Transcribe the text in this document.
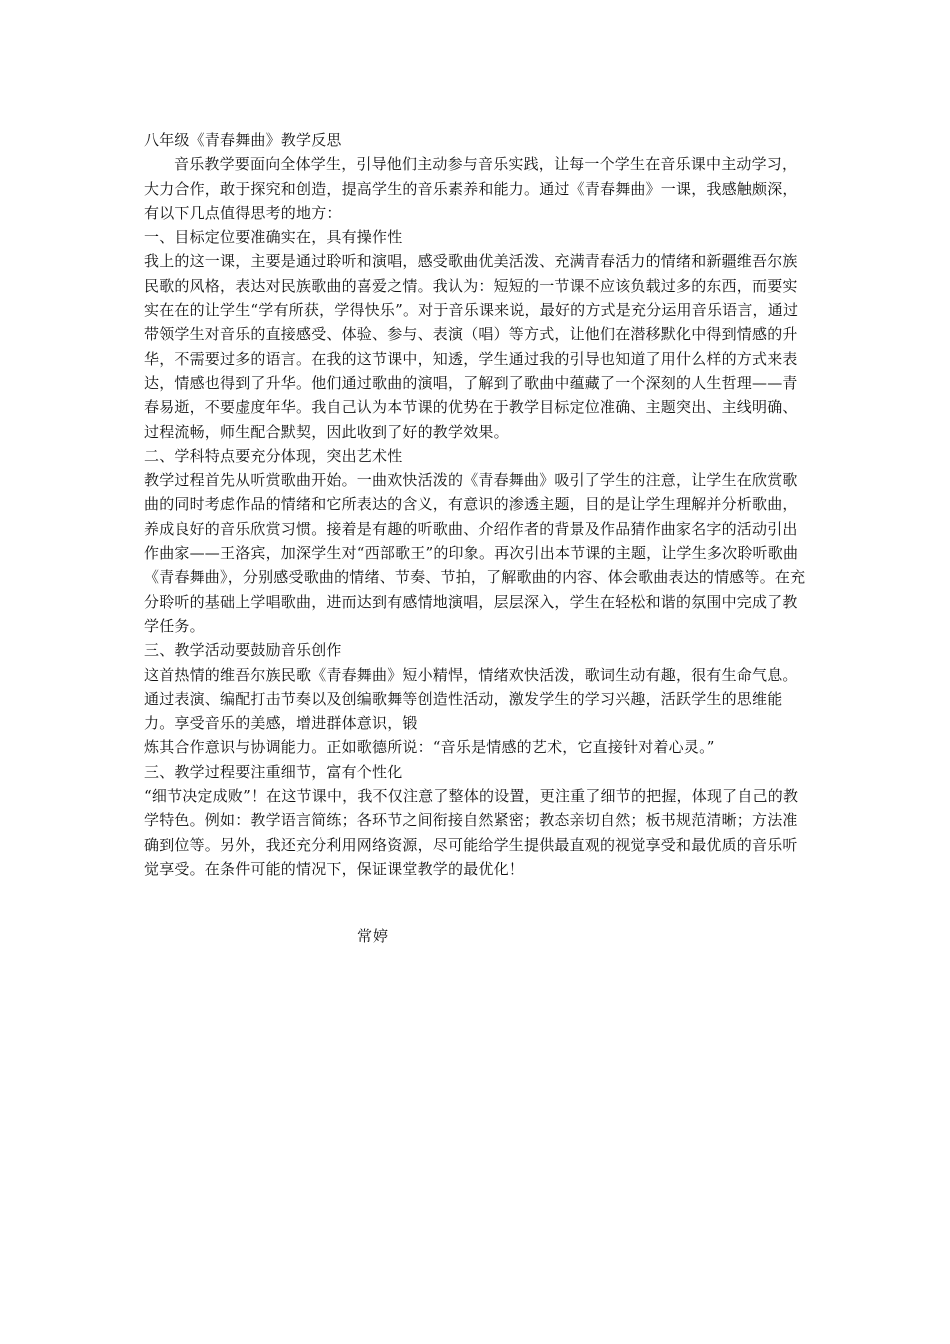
八年级《青春舞曲》教学反思

音乐教学要面向全体学生，引导他们主动参与音乐实践，让每一个学生在音乐课中主动学习，大力合作，敢于探究和创造，提高学生的音乐素养和能力。通过《青春舞曲》一课，我感触颇深，有以下几点值得思考的地方：

一、目标定位要准确实在，具有操作性

我上的这一课，主要是通过聆听和演唱，感受歌曲优美活泼、充满青春活力的情绪和新疆维吾尔族民歌的风格，表达对民族歌曲的喜爱之情。我认为：短短的一节课不应该负载过多的东西，而要实实在在的让学生“学有所获，学得快乐”。对于音乐课来说，最好的方式是充分运用音乐语言，通过带领学生对音乐的直接感受、体验、参与、表演（唱）等方式，让他们在潜移默化中得到情感的升华，不需要过多的语言。在我的这节课中，知透，学生通过我的引导也知道了用什么样的方式来表达，情感也得到了升华。他们通过歌曲的演唱，了解到了歌曲中蕴藏了一个深刻的人生哲理——青春易逝，不要虚度年华。我自己认为本节课的优势在于教学目标定位准确、主题突出、主线明确、过程流畅，师生配合默契，因此收到了好的教学效果。

二、学科特点要充分体现，突出艺术性

教学过程首先从听赏歌曲开始。一曲欢快活泼的《青春舞曲》吸引了学生的注意，让学生在欣赏歌曲的同时考虑作品的情绪和它所表达的含义，有意识的渗透主题，目的是让学生理解并分析歌曲，养成良好的音乐欣赏习惯。接着是有趣的听歌曲、介绍作者的背景及作品猜作曲家名字的活动引出作曲家——王洛宾，加深学生对“西部歌王”的印象。再次引出本节课的主题，让学生多次聆听歌曲《青春舞曲》，分别感受歌曲的情绪、节奏、节拍，了解歌曲的内容、体会歌曲表达的情感等。在充分聆听的基础上学唱歌曲，进而达到有感情地演唱，层层深入，学生在轻松和谐的氛围中完成了教学任务。

三、教学活动要鼓励音乐创作

这首热情的维吾尔族民歌《青春舞曲》短小精悍，情绪欢快活泼，歌词生动有趣，很有生命气息。通过表演、编配打击节奏以及创编歌舞等创造性活动，激发学生的学习兴趣，活跃学生的思维能力。享受音乐的美感，增进群体意识，锻

炼其合作意识与协调能力。正如歌德所说：“音乐是情感的艺术，它直接针对着心灵。”

三、教学过程要注重细节，富有个性化

“细节决定成败”！在这节课中，我不仅注意了整体的设置，更注重了细节的把握，体现了自己的教学特色。例如：教学语言简练；各环节之间衔接自然紧密；教态亲切自然；板书规范清晰；方法准确到位等。另外，我还充分利用网络资源，尽可能给学生提供最直观的视觉享受和最优质的音乐听觉享受。在条件可能的情况下，保证课堂教学的最优化！

常婷
